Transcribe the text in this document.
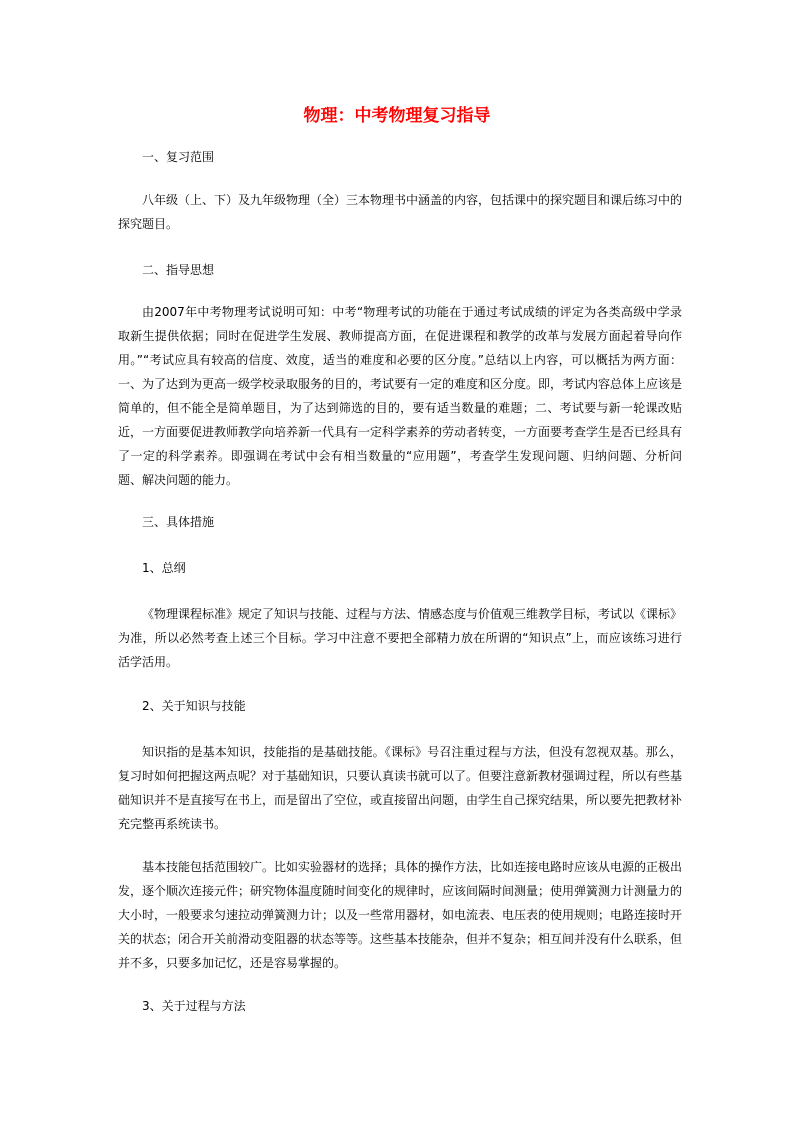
物理：中考物理复习指导

一、复习范围

八年级（上、下）及九年级物理（全）三本物理书中涵盖的内容，包括课中的探究题目和课后练习中的探究题目。

二、指导思想

由2007年中考物理考试说明可知：中考“物理考试的功能在于通过考试成绩的评定为各类高级中学录取新生提供依据；同时在促进学生发展、教师提高方面，在促进课程和教学的改革与发展方面起着导向作用。”“考试应具有较高的信度、效度，适当的难度和必要的区分度。”总结以上内容，可以概括为两方面：一、为了达到为更高一级学校录取服务的目的，考试要有一定的难度和区分度。即，考试内容总体上应该是简单的，但不能全是简单题目，为了达到筛选的目的，要有适当数量的难题；二、考试要与新一轮课改贴近，一方面要促进教师教学向培养新一代具有一定科学素养的劳动者转变，一方面要考查学生是否已经具有了一定的科学素养。即强调在考试中会有相当数量的“应用题”，考查学生发现问题、归纳问题、分析问题、解决问题的能力。

三、具体措施

1、总纲

《物理课程标准》规定了知识与技能、过程与方法、情感态度与价值观三维教学目标，考试以《课标》为准，所以必然考查上述三个目标。学习中注意不要把全部精力放在所谓的“知识点”上，而应该练习进行活学活用。

2、关于知识与技能

知识指的是基本知识，技能指的是基础技能。《课标》号召注重过程与方法，但没有忽视双基。那么，复习时如何把握这两点呢？对于基础知识，只要认真读书就可以了。但要注意新教材强调过程，所以有些基础知识并不是直接写在书上，而是留出了空位，或直接留出问题，由学生自己探究结果，所以要先把教材补充完整再系统读书。

基本技能包括范围较广。比如实验器材的选择；具体的操作方法，比如连接电路时应该从电源的正极出发，逐个顺次连接元件；研究物体温度随时间变化的规律时，应该间隔时间测量；使用弹簧测力计测量力的大小时，一般要求匀速拉动弹簧测力计；以及一些常用器材，如电流表、电压表的使用规则；电路连接时开关的状态；闭合开关前滑动变阻器的状态等等。这些基本技能杂，但并不复杂；相互间并没有什么联系，但并不多，只要多加记忆，还是容易掌握的。

3、关于过程与方法
